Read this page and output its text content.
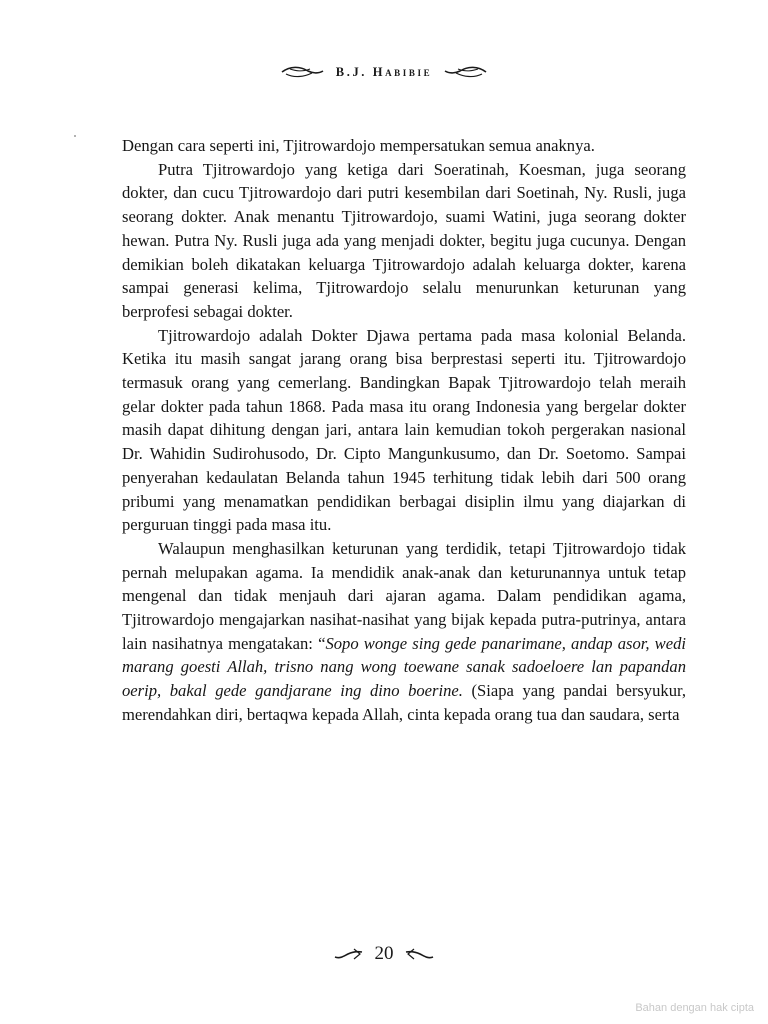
B.J. Habibie

Dengan cara seperti ini, Tjitrowardojo mempersatukan semua anaknya.

Putra Tjitrowardojo yang ketiga dari Soeratinah, Koesman, juga seorang dokter, dan cucu Tjitrowardojo dari putri kesembilan dari Soetinah, Ny. Rusli, juga seorang dokter. Anak menantu Tjitrowardojo, suami Watini, juga seorang dokter hewan. Putra Ny. Rusli juga ada yang menjadi dokter, begitu juga cucunya. Dengan demikian boleh dikatakan keluarga Tjitrowardojo adalah keluarga dokter, karena sampai generasi kelima, Tjitrowardojo selalu menurunkan keturunan yang berprofesi sebagai dokter.

Tjitrowardojo adalah Dokter Djawa pertama pada masa kolonial Belanda. Ketika itu masih sangat jarang orang bisa berprestasi seperti itu. Tjitrowardojo termasuk orang yang cemerlang. Bandingkan Bapak Tjitrowardojo telah meraih gelar dokter pada tahun 1868. Pada masa itu orang Indonesia yang bergelar dokter masih dapat dihitung dengan jari, antara lain kemudian tokoh pergerakan nasional Dr. Wahidin Sudirohusodo, Dr. Cipto Mangunkusumo, dan Dr. Soetomo. Sampai penyerahan kedaulatan Belanda tahun 1945 terhitung tidak lebih dari 500 orang pribumi yang menamatkan pendidikan berbagai disiplin ilmu yang diajarkan di perguruan tinggi pada masa itu.

Walaupun menghasilkan keturunan yang terdidik, tetapi Tjitrowardojo tidak pernah melupakan agama. Ia mendidik anak-anak dan keturunannya untuk tetap mengenal dan tidak menjauh dari ajaran agama. Dalam pendidikan agama, Tjitrowardojo mengajarkan nasihat-nasihat yang bijak kepada putra-putrinya, antara lain nasihatnya mengatakan: “Sopo wonge sing gede panarimane, andap asor, wedi marang goesti Allah, trisno nang wong toewane sanak sadoeloere lan papandan oerip, bakal gede gandjarane ing dino boerine. (Siapa yang pandai bersyukur, merendahkan diri, bertaqwa kepada Allah, cinta kepada orang tua dan saudara, serta

20
Bahan dengan hak cipta
